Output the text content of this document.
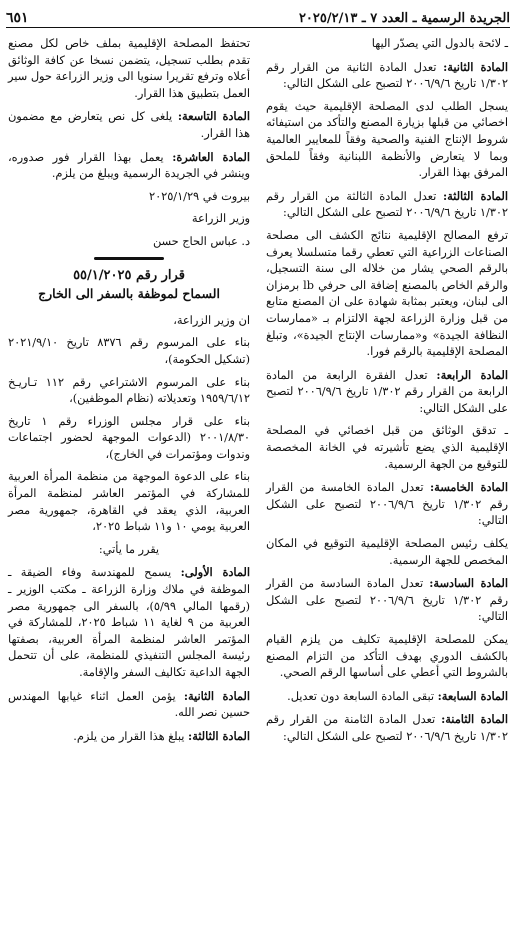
الجريدة الرسمية ـ العدد ٧ ـ ٢٠٢٥/٢/١٣
٦٥١

ـ لائحة بالدول التي يصدّر اليها

المادة الثانية: تعدل المادة الثانية من القرار رقم ١/٣٠٢ تاريخ ٢٠٠٦/٩/٦ لتصبح على الشكل التالي:

يسجل الطلب لدى المصلحة الإقليمية حيث يقوم اخصائي من قبلها بزيارة المصنع والتأكد من استيفائه شروط الإنتاج الفنية والصحية وفقاً للمعايير العالمية وبما لا يتعارض والأنظمة اللبنانية وفقاً للملحق المرفق بهذا القرار.

المادة الثالثة: تعدل المادة الثالثة من القرار رقم ١/٣٠٢ تاريخ ٢٠٠٦/٩/٦ لتصبح على الشكل التالي:

ترفع المصالح الإقليمية نتائج الكشف الى مصلحة الصناعات الزراعية التي تعطي رقما متسلسلا يعرف بالرقم الصحي يشار من خلاله الى سنة التسجيل، والرقم الخاص بالمصنع إضافة الى حرفي lb برمزان الى لبنان، ويعتبر بمثابة شهادة على ان المصنع متابع من قبل وزارة الزراعة لجهة الالتزام بـ «ممارسات النظافة الجيدة» و«ممارسات الإنتاج الجيدة»، وتبلغ المصلحة الإقليمية بالرقم فورا.

المادة الرابعة: تعدل الفقرة الرابعة من المادة الرابعة من القرار رقم ١/٣٠٢ تاريخ ٢٠٠٦/٩/٦ لتصبح على الشكل التالي:

ـ تدقق الوثائق من قبل اخصائي في المصلحة الإقليمية الذي يضع تأشيرته في الخانة المخصصة للتوقيع من الجهة الرسمية.

المادة الخامسة: تعدل المادة الخامسة من القرار رقم ١/٣٠٢ تاريخ ٢٠٠٦/٩/٦ لتصبح على الشكل التالي:

يكلف رئيس المصلحة الإقليمية التوقيع في المكان المخصص للجهة الرسمية.

المادة السادسة: تعدل المادة السادسة من القرار رقم ١/٣٠٢ تاريخ ٢٠٠٦/٩/٦ لتصبح على الشكل التالي:

يمكن للمصلحة الإقليمية تكليف من يلزم القيام بالكشف الدوري بهدف التأكد من التزام المصنع بالشروط التي أعطي على أساسها الرقم الصحي.

المادة السابعة: تبقى المادة السابعة دون تعديل.

المادة الثامنة: تعدل المادة الثامنة من القرار رقم ١/٣٠٢ تاريخ ٢٠٠٦/٩/٦ لتصبح على الشكل التالي:

تحتفظ المصلحة الإقليمية بملف خاص لكل مصنع تقدم بطلب تسجيل، يتضمن نسخا عن كافة الوثائق أعلاه وترفع تقريرا سنويا الى وزير الزراعة حول سير العمل بتطبيق هذا القرار.

المادة التاسعة: يلغى كل نص يتعارض مع مضمون هذا القرار.

المادة العاشرة: يعمل بهذا القرار فور صدوره، وينشر في الجريدة الرسمية ويبلغ من يلزم.

بيروت في ٢٠٢٥/١/٢٩

وزير الزراعة

د. عباس الحاج حسن

قرار رقم ٥٥/١/٢٠٢٥
السماح لموظفة بالسفر الى الخارج

ان وزير الزراعة،

بناء على المرسوم رقم ٨٣٧٦ تاريخ ٢٠٢١/٩/١٠ (تشكيل الحكومة)،

بناء على المرسوم الاشتراعي رقم ١١٢ تـاريـخ ١٩٥٩/٦/١٢ وتعديلاته (نظام الموظفين)،

بناء على قرار مجلس الوزراء رقم ١ تاريخ ٢٠٠١/٨/٣٠ (الدعوات الموجهة لحضور اجتماعات وندوات ومؤتمرات في الخارج)،

بناء على الدعوة الموجهة من منظمة المرأة العربية للمشاركة في المؤتمر العاشر لمنظمة المرأة العربية، الذي يعقد في القاهرة، جمهورية مصر العربية يومي ١٠ و١١ شباط ٢٠٢٥،

يقرر ما يأتي:

المادة الأولى: يسمح للمهندسة وفاء الضيقة ـ الموظفة في ملاك وزارة الزراعة ـ مكتب الوزير ـ (رقمها المالي ٥/٩٩)، بالسفر الى جمهورية مصر العربية من ٩ لغاية ١١ شباط ٢٠٢٥، للمشاركة في المؤتمر العاشر لمنظمة المرأة العربية، بصفتها رئيسة المجلس التنفيذي للمنظمة، على أن تتحمل الجهة الداعية تكاليف السفر والإقامة.

المادة الثانية: يؤمن العمل اثناء غيابها المهندس حسين نصر الله.

المادة الثالثة: يبلغ هذا القرار من يلزم.
